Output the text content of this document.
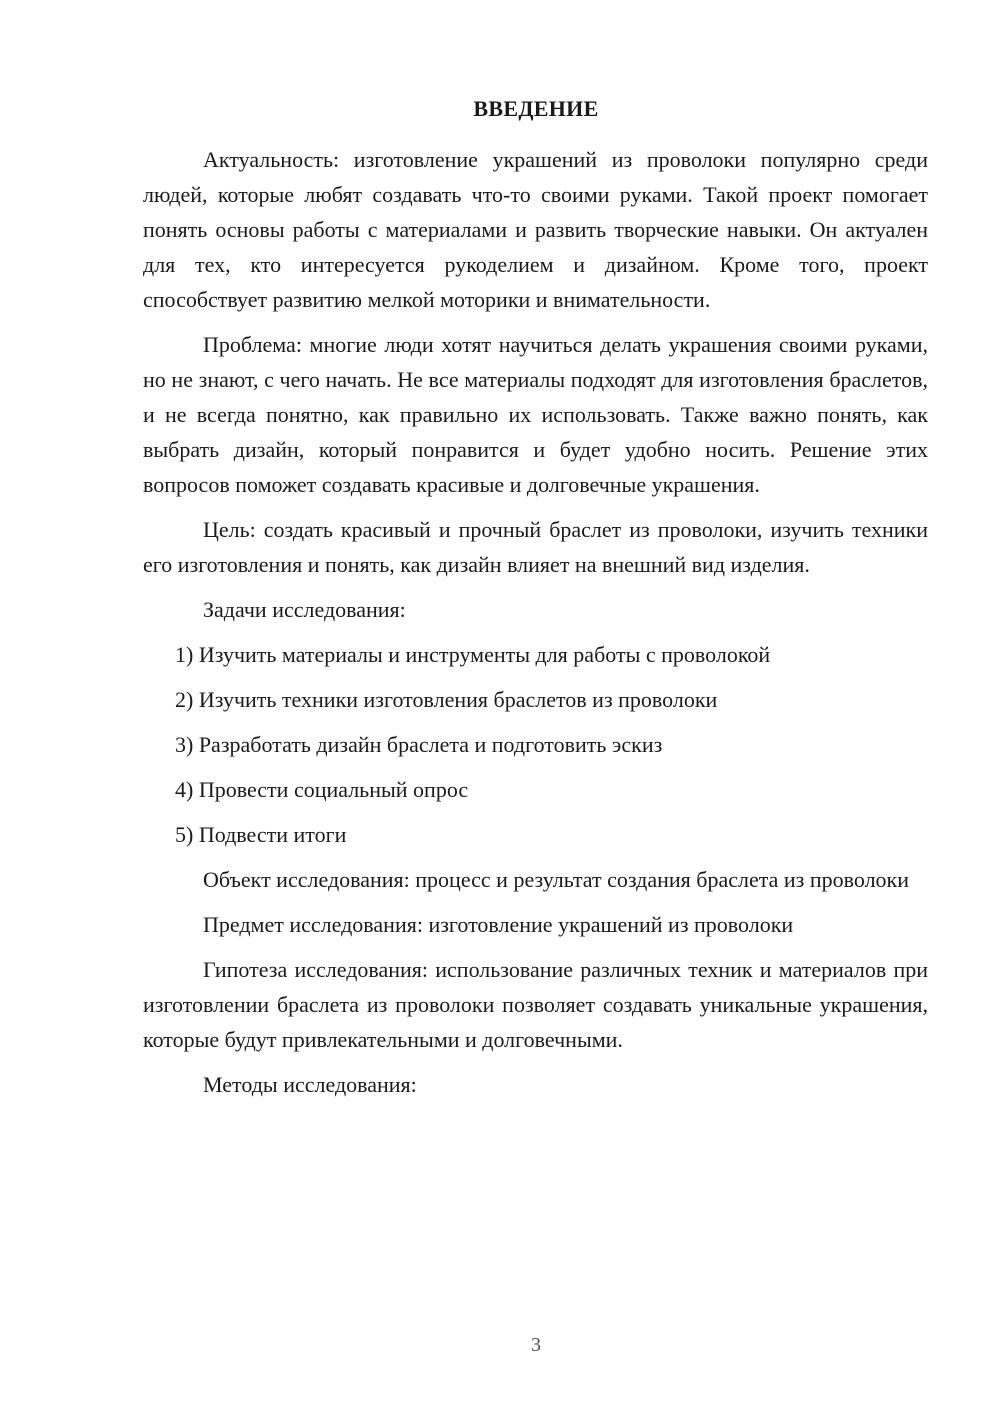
ВВЕДЕНИЕ

Актуальность: изготовление украшений из проволоки популярно среди людей, которые любят создавать что-то своими руками. Такой проект помогает понять основы работы с материалами и развить творческие навыки. Он актуален для тех, кто интересуется рукоделием и дизайном. Кроме того, проект способствует развитию мелкой моторики и внимательности.

Проблема: многие люди хотят научиться делать украшения своими руками, но не знают, с чего начать. Не все материалы подходят для изготовления браслетов, и не всегда понятно, как правильно их использовать. Также важно понять, как выбрать дизайн, который понравится и будет удобно носить. Решение этих вопросов поможет создавать красивые и долговечные украшения.

Цель: создать красивый и прочный браслет из проволоки, изучить техники его изготовления и понять, как дизайн влияет на внешний вид изделия.

Задачи исследования:

1) Изучить материалы и инструменты для работы с проволокой
2) Изучить техники изготовления браслетов из проволоки
3) Разработать дизайн браслета и подготовить эскиз
4) Провести социальный опрос
5) Подвести итоги

Объект исследования: процесс и результат создания браслета из проволоки

Предмет исследования: изготовление украшений из проволоки

Гипотеза исследования: использование различных техник и материалов при изготовлении браслета из проволоки позволяет создавать уникальные украшения, которые будут привлекательными и долговечными.

Методы исследования:

3
